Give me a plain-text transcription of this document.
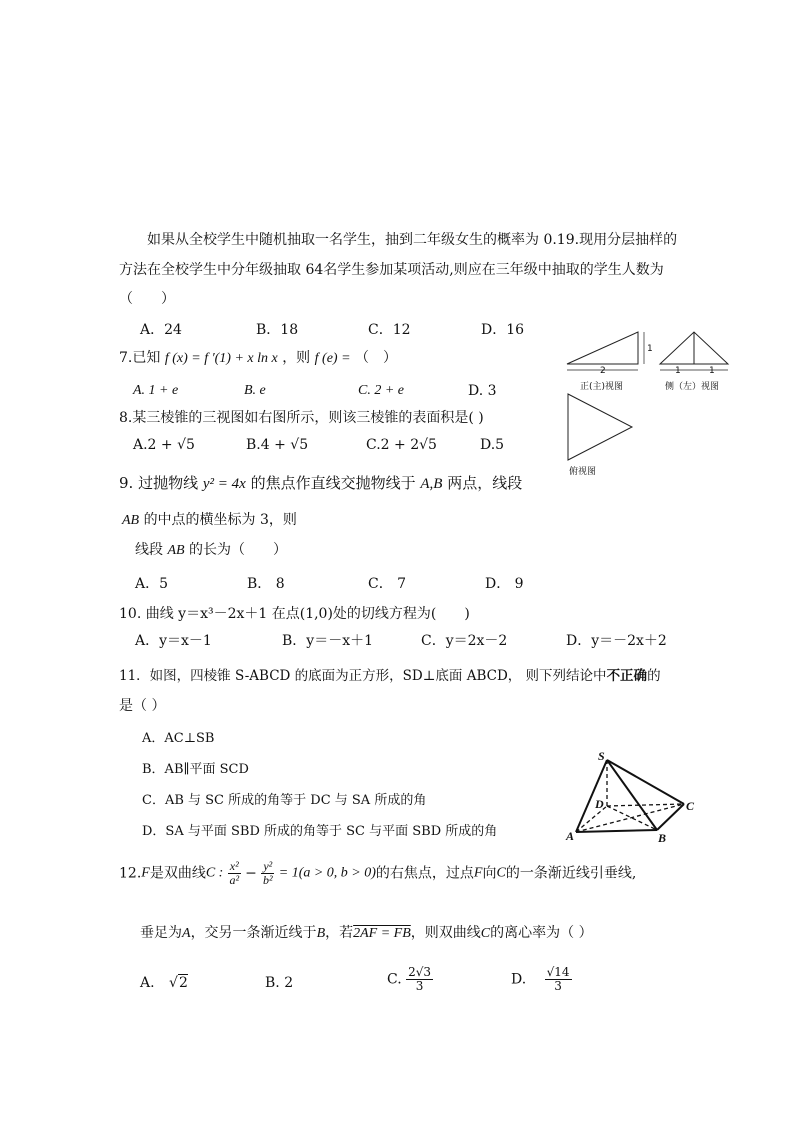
如果从全校学生中随机抽取一名学生，抽到二年级女生的概率为 0.19.现用分层抽样的
方法在全校学生中分年级抽取 64名学生参加某项活动,则应在三年级中抽取的学生人数为
（　　）
A．24	B．18	C．12	D．16
7.已知 f (x) = f ′(1) + x ln x ，则 f (e) = （　）
A. 1 + e	B. e	C. 2 + e	D. 3
8.某三棱锥的三视图如右图所示，则该三棱锥的表面积是( )
A.2 + √5	B.4 + √5	C.2 + 2√5	D.5
2
1
1	1
正(主)视图	侧（左）视图
俯视图
9. 过抛物线 y² = 4x 的焦点作直线交抛物线于 A,B 两点，线段
AB 的中点的横坐标为 3，则
线段 AB 的长为（　　）
A．5	B． 8	C． 7	D． 9
10. 曲线 y＝x³－2x＋1 在点(1,0)处的切线方程为(　　)
A．y＝x－1	B．y＝－x＋1	C．y＝2x－2	D．y＝－2x＋2
11．如图，四棱锥 S-ABCD 的底面为正方形，SD⊥底面 ABCD， 则下列结论中不正确的
是（ ）
A．AC⊥SB
B．AB∥平面 SCD
C．AB 与 SC 所成的角等于 DC 与 SA 所成的角
D．SA 与平面 SBD 所成的角等于 SC 与平面 SBD 所成的角
S
D	C
A	B
12.F是双曲线C : $\frac{\text{x²}}{\text{a²}} - \frac{\text{y²}}{\text{b²}} = 1(a > 0$, b > 0)的右焦点，过点F向C的一条渐近线引垂线,
垂足为A，交另一条渐近线于B，若2AF = FB，则双曲线C的离心率为（ ）
A. √2	B. 2	C. $\frac{2√3}{3}$	D. $\frac{√14}{3}$
